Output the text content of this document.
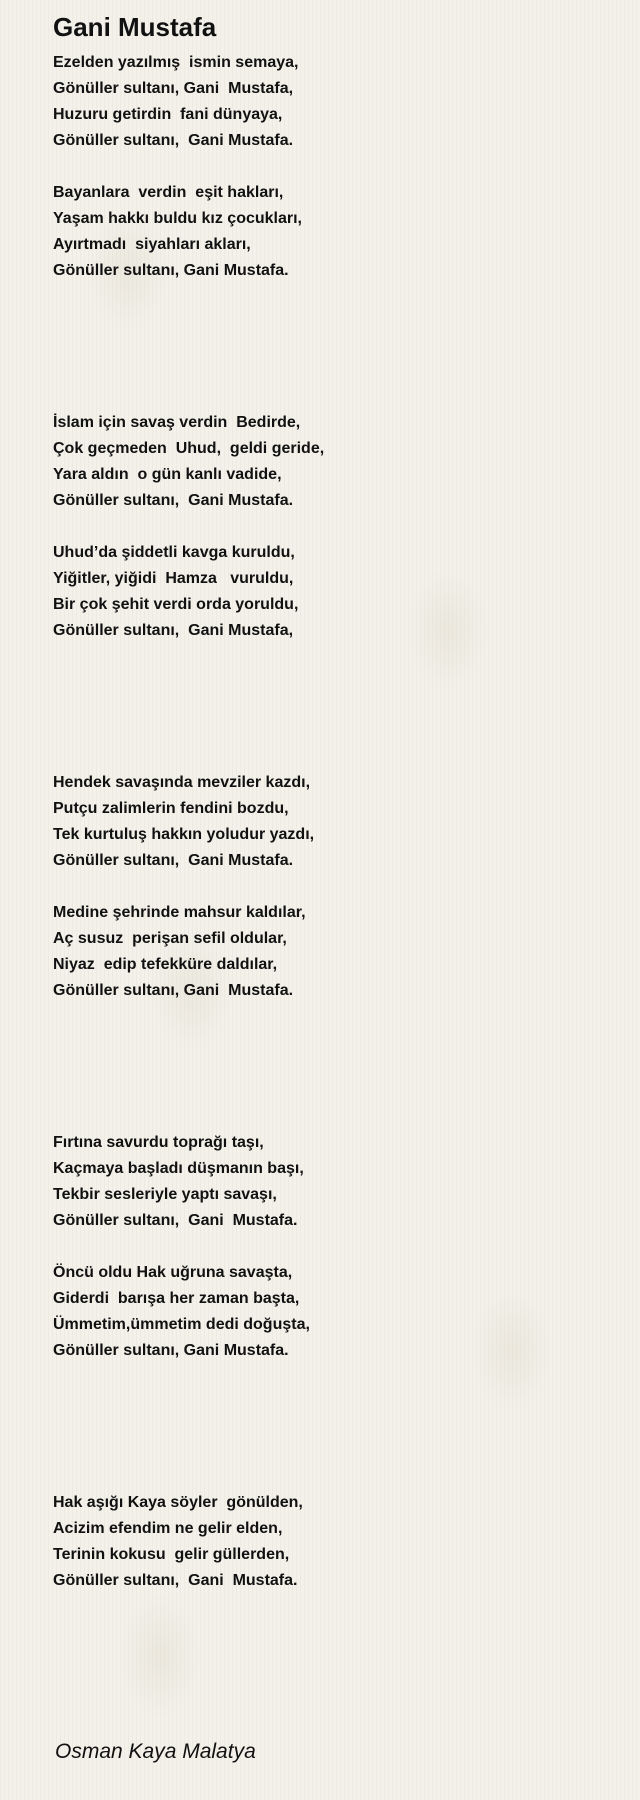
Gani Mustafa
Ezelden yazılmış  ismin semaya,
Gönüller sultanı, Gani  Mustafa,
Huzuru getirdin  fani dünyaya,
Gönüller sultanı,  Gani Mustafa.
Bayanlara  verdin  eşit hakları,
Yaşam hakkı buldu kız çocukları,
Ayırtmadı  siyahları akları,
Gönüller sultanı, Gani Mustafa.
İslam için savaş verdin  Bedirde,
Çok geçmeden  Uhud,  geldi geride,
Yara aldın  o gün kanlı vadide,
Gönüller sultanı,  Gani Mustafa.
Uhud’da şiddetli kavga kuruldu,
Yiğitler, yiğidi  Hamza   vuruldu,
Bir çok şehit verdi orda yoruldu,
Gönüller sultanı,  Gani Mustafa,
Hendek savaşında mevziler kazdı,
Putçu zalimlerin fendini bozdu,
Tek kurtuluş hakkın yoludur yazdı,
Gönüller sultanı,  Gani Mustafa.
Medine şehrinde mahsur kaldılar,
Aç susuz  perişan sefil oldular,
Niyaz  edip tefekküre daldılar,
Gönüller sultanı, Gani  Mustafa.
Fırtına savurdu toprağı taşı,
Kaçmaya başladı düşmanın başı,
Tekbir sesleriyle yaptı savaşı,
Gönüller sultanı,  Gani  Mustafa.
Öncü oldu Hak uğruna savaşta,
Giderdi  barışa her zaman başta,
Ümmetim,ümmetim dedi doğuşta,
Gönüller sultanı, Gani Mustafa.
Hak aşığı Kaya söyler  gönülden,
Acizim efendim ne gelir elden,
Terinin kokusu  gelir güllerden,
Gönüller sultanı,  Gani  Mustafa.
Osman Kaya Malatya
